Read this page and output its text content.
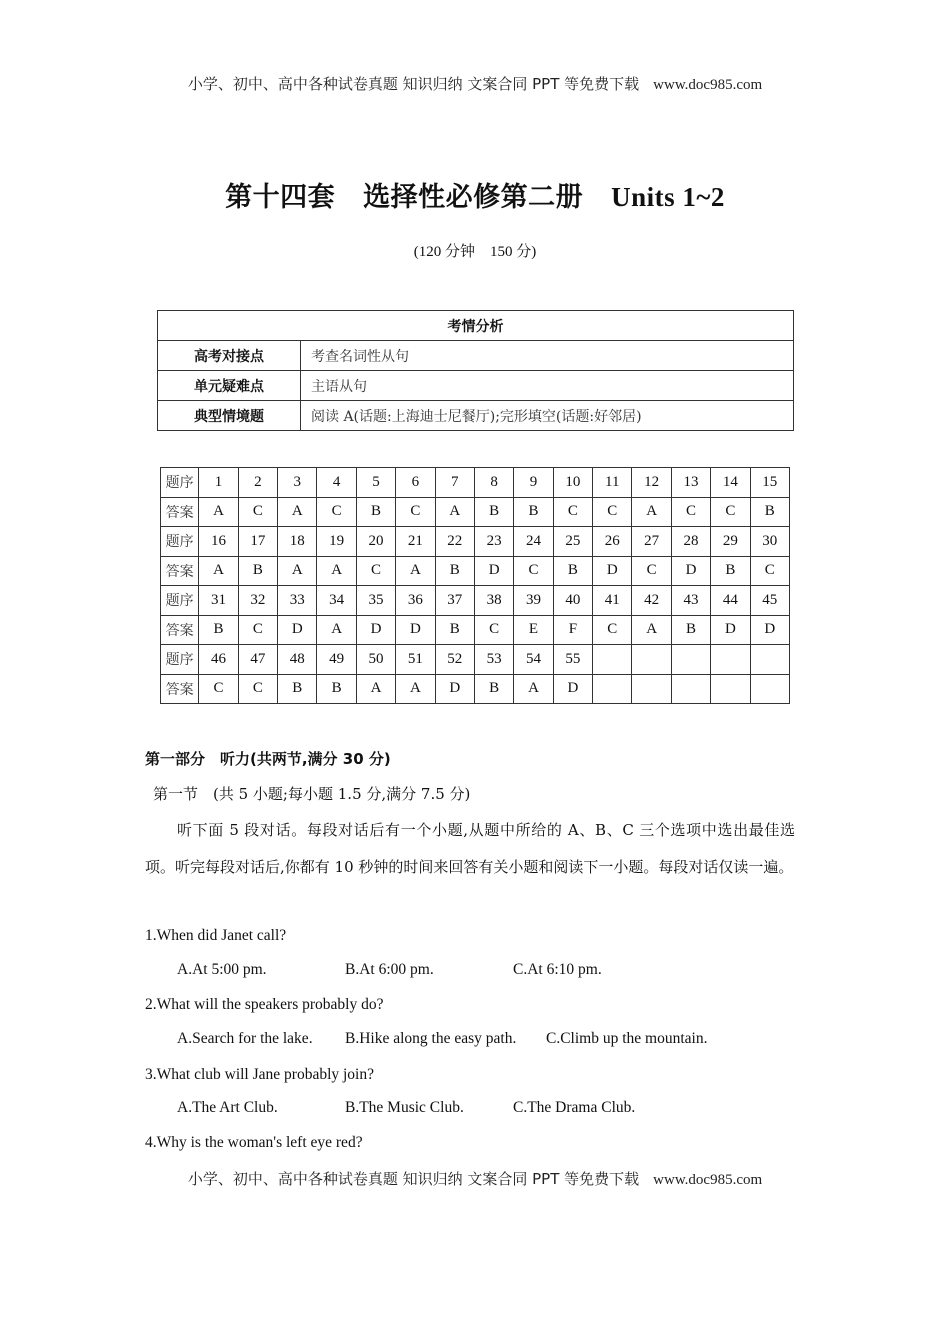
小学、初中、高中各种试卷真题 知识归纳 文案合同 PPT 等免费下载 www.doc985.com
第十四套 选择性必修第二册 Units 1~2
(120 分钟　150 分)
考情分析	
高考对接点	考查名词性从句
单元疑难点	主语从句
典型情境题	阅读 A(话题:上海迪士尼餐厅);完形填空(话题:好邻居)
题序	1	2	3	4	5	6	7	8	9	10	11	12	13	14	15
答案	A	C	A	C	B	C	A	B	B	C	C	A	C	C	B
题序	16	17	18	19	20	21	22	23	24	25	26	27	28	29	30
答案	A	B	A	A	C	A	B	D	C	B	D	C	D	B	C
题序	31	32	33	34	35	36	37	38	39	40	41	42	43	44	45
答案	B	C	D	A	D	D	B	C	E	F	C	A	B	D	D
题序	46	47	48	49	50	51	52	53	54	55					
答案	C	C	B	B	A	A	D	B	A	D					
第一部分　听力(共两节,满分 30 分)
第一节　(共 5 小题;每小题 1.5 分,满分 7.5 分)
听下面 5 段对话。每段对话后有一个小题,从题中所给的 A、B、C 三个选项中选出最佳选项。听完每段对话后,你都有 10 秒钟的时间来回答有关小题和阅读下一小题。每段对话仅读一遍。
1.When did Janet call?
A.At 5:00 pm.	B.At 6:00 pm.	C.At 6:10 pm.
2.What will the speakers probably do?
A.Search for the lake. B.Hike along the easy path. C.Climb up the mountain.
3.What club will Jane probably join?
A.The Art Club.	B.The Music Club.	C.The Drama Club.
4.Why is the woman's left eye red?
小学、初中、高中各种试卷真题 知识归纳 文案合同 PPT 等免费下载 www.doc985.com
